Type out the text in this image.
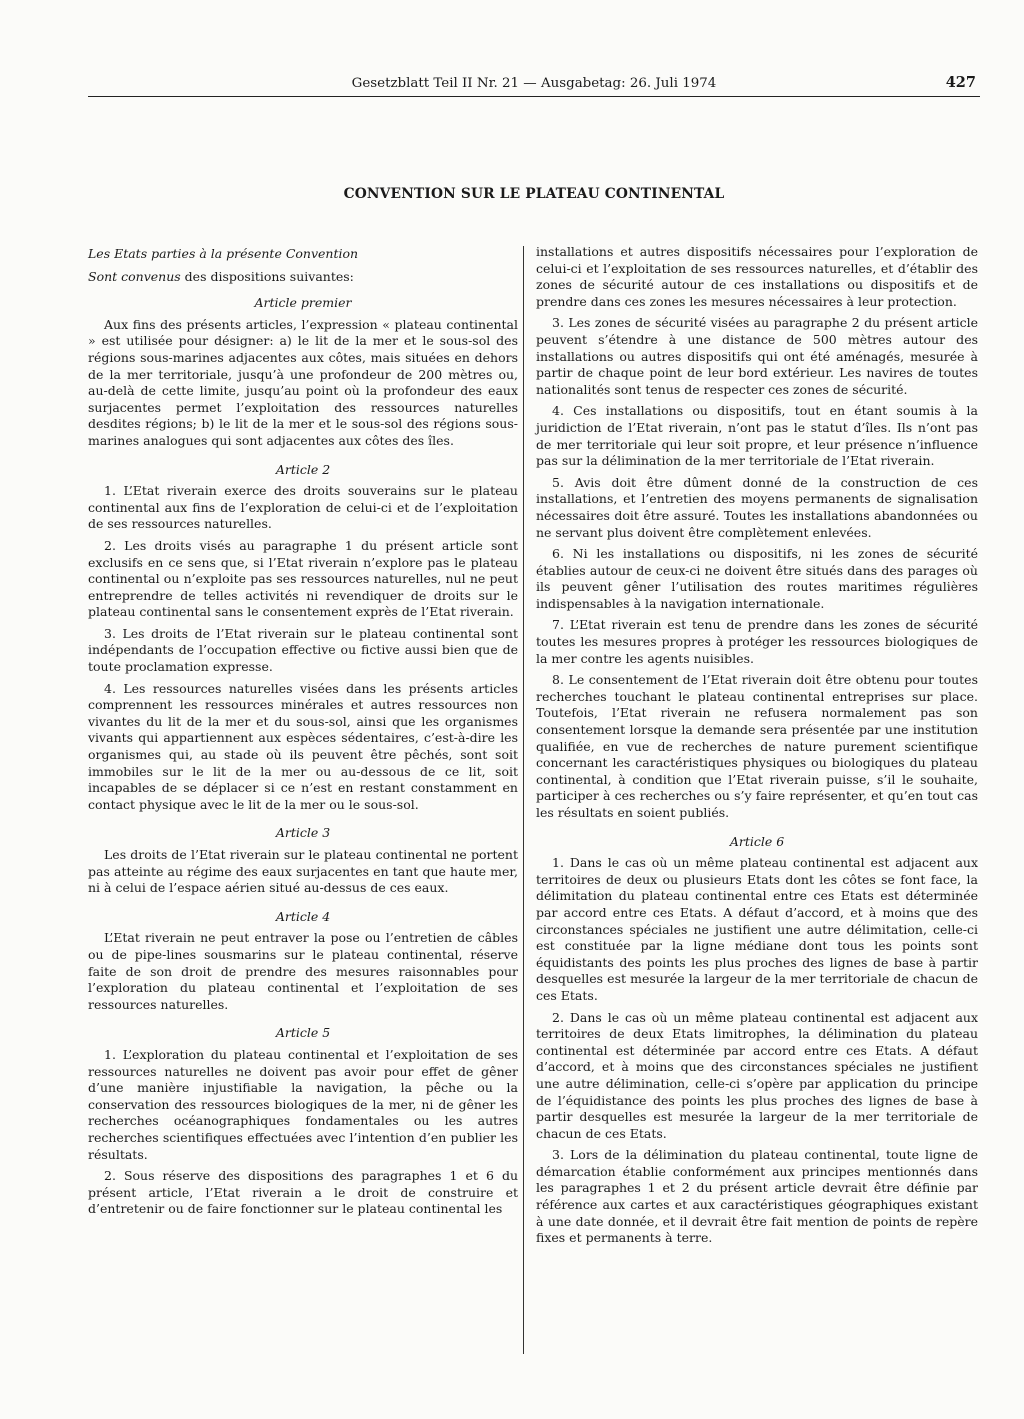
Gesetzblatt Teil II Nr. 21 — Ausgabetag: 26. Juli 1974	427
CONVENTION SUR LE PLATEAU CONTINENTAL

Les Etats parties à la présente Convention

Sont convenus des dispositions suivantes:

Article premier

Aux fins des présents articles, l’expression « plateau continental » est utilisée pour désigner: a) le lit de la mer et le sous-sol des régions sous-marines adjacentes aux côtes, mais situées en dehors de la mer territoriale, jusqu’à une profondeur de 200 mètres ou, au-delà de cette limite, jusqu’au point où la profondeur des eaux surjacentes permet l’exploitation des ressources naturelles desdites régions; b) le lit de la mer et le sous-sol des régions sous-marines analogues qui sont adjacentes aux côtes des îles.

Article 2

1. L’Etat riverain exerce des droits souverains sur le plateau continental aux fins de l’exploration de celui-ci et de l’exploitation de ses ressources naturelles.

2. Les droits visés au paragraphe 1 du présent article sont exclusifs en ce sens que, si l’Etat riverain n’explore pas le plateau continental ou n’exploite pas ses ressources naturelles, nul ne peut entreprendre de telles activités ni revendiquer de droits sur le plateau continental sans le consentement exprès de l’Etat riverain.

3. Les droits de l’Etat riverain sur le plateau continental sont indépendants de l’occupation effective ou fictive aussi bien que de toute proclamation expresse.

4. Les ressources naturelles visées dans les présents articles comprennent les ressources minérales et autres ressources non vivantes du lit de la mer et du sous-sol, ainsi que les organismes vivants qui appartiennent aux espèces sédentaires, c’est-à-dire les organismes qui, au stade où ils peuvent être pêchés, sont soit immobiles sur le lit de la mer ou au-dessous de ce lit, soit incapables de se déplacer si ce n’est en restant constamment en contact physique avec le lit de la mer ou le sous-sol.

Article 3

Les droits de l’Etat riverain sur le plateau continental ne portent pas atteinte au régime des eaux surjacentes en tant que haute mer, ni à celui de l’espace aérien situé au-dessus de ces eaux.

Article 4

L’Etat riverain ne peut entraver la pose ou l’entretien de câbles ou de pipe-lines sousmarins sur le plateau continental, réserve faite de son droit de prendre des mesures raisonnables pour l’exploration du plateau continental et l’exploitation de ses ressources naturelles.

Article 5

1. L’exploration du plateau continental et l’exploitation de ses ressources naturelles ne doivent pas avoir pour effet de gêner d’une manière injustifiable la navigation, la pêche ou la conservation des ressources biologiques de la mer, ni de gêner les recherches océanographiques fondamentales ou les autres recherches scientifiques effectuées avec l’intention d’en publier les résultats.

2. Sous réserve des dispositions des paragraphes 1 et 6 du présent article, l’Etat riverain a le droit de construire et d’entretenir ou de faire fonctionner sur le plateau continental les

installations et autres dispositifs nécessaires pour l’exploration de celui-ci et l’exploitation de ses ressources naturelles, et d’établir des zones de sécurité autour de ces installations ou dispositifs et de prendre dans ces zones les mesures nécessaires à leur protection.

3. Les zones de sécurité visées au paragraphe 2 du présent article peuvent s’étendre à une distance de 500 mètres autour des installations ou autres dispositifs qui ont été aménagés, mesurée à partir de chaque point de leur bord extérieur. Les navires de toutes nationalités sont tenus de respecter ces zones de sécurité.

4. Ces installations ou dispositifs, tout en étant soumis à la juridiction de l’Etat riverain, n’ont pas le statut d’îles. Ils n’ont pas de mer territoriale qui leur soit propre, et leur présence n’influence pas sur la délimination de la mer territoriale de l’Etat riverain.

5. Avis doit être dûment donné de la construction de ces installations, et l’entretien des moyens permanents de signalisation nécessaires doit être assuré. Toutes les installations abandonnées ou ne servant plus doivent être complètement enlevées.

6. Ni les installations ou dispositifs, ni les zones de sécurité établies autour de ceux-ci ne doivent être situés dans des parages où ils peuvent gêner l’utilisation des routes maritimes régulières indispensables à la navigation internationale.

7. L’Etat riverain est tenu de prendre dans les zones de sécurité toutes les mesures propres à protéger les ressources biologiques de la mer contre les agents nuisibles.

8. Le consentement de l’Etat riverain doit être obtenu pour toutes recherches touchant le plateau continental entreprises sur place. Toutefois, l’Etat riverain ne refusera normalement pas son consentement lorsque la demande sera présentée par une institution qualifiée, en vue de recherches de nature purement scientifique concernant les caractéristiques physiques ou biologiques du plateau continental, à condition que l’Etat riverain puisse, s’il le souhaite, participer à ces recherches ou s’y faire représenter, et qu’en tout cas les résultats en soient publiés.

Article 6

1. Dans le cas où un même plateau continental est adjacent aux territoires de deux ou plusieurs Etats dont les côtes se font face, la délimitation du plateau continental entre ces Etats est déterminée par accord entre ces Etats. A défaut d’accord, et à moins que des circonstances spéciales ne justifient une autre délimitation, celle-ci est constituée par la ligne médiane dont tous les points sont équidistants des points les plus proches des lignes de base à partir desquelles est mesurée la largeur de la mer territoriale de chacun de ces Etats.

2. Dans le cas où un même plateau continental est adjacent aux territoires de deux Etats limitrophes, la délimination du plateau continental est déterminée par accord entre ces Etats. A défaut d’accord, et à moins que des circonstances spéciales ne justifient une autre délimination, celle-ci s’opère par application du principe de l’équidistance des points les plus proches des lignes de base à partir desquelles est mesurée la largeur de la mer territoriale de chacun de ces Etats.

3. Lors de la délimination du plateau continental, toute ligne de démarcation établie conformément aux principes mentionnés dans les paragraphes 1 et 2 du présent article devrait être définie par référence aux cartes et aux caractéristiques géographiques existant à une date donnée, et il devrait être fait mention de points de repère fixes et permanents à terre.
